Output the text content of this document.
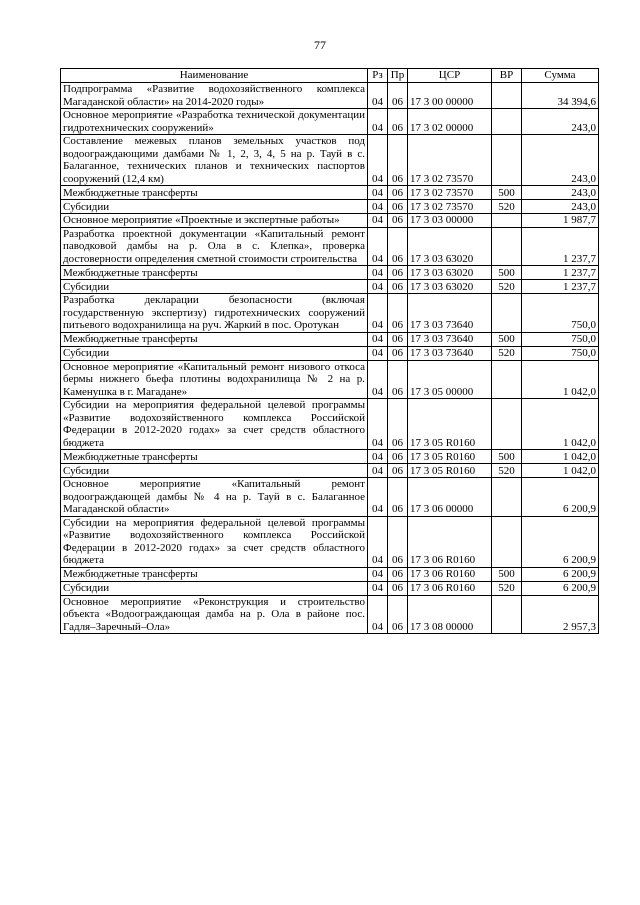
77
Наименование	Рз	Пр	ЦСР	ВР	Сумма
Подпрограмма «Развитие водохозяйственного комплекса Магаданской области» на 2014-2020 годы»	04	06	17 3 00 00000		34 394,6
Основное мероприятие «Разработка технической документации гидротехнических сооружений»	04	06	17 3 02 00000		243,0
Составление межевых планов земельных участков под водоограждающими дамбами № 1, 2, 3, 4, 5 на р. Тауй в с. Балаганное, технических планов и технических паспортов сооружений (12,4 км)	04	06	17 3 02 73570		243,0
Межбюджетные трансферты	04	06	17 3 02 73570	500	243,0
Субсидии	04	06	17 3 02 73570	520	243,0
Основное мероприятие «Проектные и экспертные работы»	04	06	17 3 03 00000		1 987,7
Разработка проектной документации «Капитальный ремонт паводковой дамбы на р. Ола в с. Клепка», проверка достоверности определения сметной стоимости строительства	04	06	17 3 03 63020		1 237,7
Межбюджетные трансферты	04	06	17 3 03 63020	500	1 237,7
Субсидии	04	06	17 3 03 63020	520	1 237,7
Разработка декларации безопасности (включая государственную экспертизу) гидротехнических сооружений питьевого водохранилища на руч. Жаркий в пос. Оротукан	04	06	17 3 03 73640		750,0
Межбюджетные трансферты	04	06	17 3 03 73640	500	750,0
Субсидии	04	06	17 3 03 73640	520	750,0
Основное мероприятие «Капитальный ремонт низового откоса бермы нижнего бьефа плотины водохранилища № 2 на р. Каменушка в г. Магадане»	04	06	17 3 05 00000		1 042,0
Субсидии на мероприятия федеральной целевой программы «Развитие водохозяйственного комплекса Российской Федерации в 2012-2020 годах» за счет средств областного бюджета	04	06	17 3 05 R0160		1 042,0
Межбюджетные трансферты	04	06	17 3 05 R0160	500	1 042,0
Субсидии	04	06	17 3 05 R0160	520	1 042,0
Основное мероприятие «Капитальный ремонт водоограждающей дамбы № 4 на р. Тауй в с. Балаганное Магаданской области»	04	06	17 3 06 00000		6 200,9
Субсидии на мероприятия федеральной целевой программы «Развитие водохозяйственного комплекса Российской Федерации в 2012-2020 годах» за счет средств областного бюджета	04	06	17 3 06 R0160		6 200,9
Межбюджетные трансферты	04	06	17 3 06 R0160	500	6 200,9
Субсидии	04	06	17 3 06 R0160	520	6 200,9
Основное мероприятие «Реконструкция и строительство объекта «Водоограждающая дамба на р. Ола в районе пос. Гадля–Заречный–Ола»	04	06	17 3 08 00000		2 957,3
